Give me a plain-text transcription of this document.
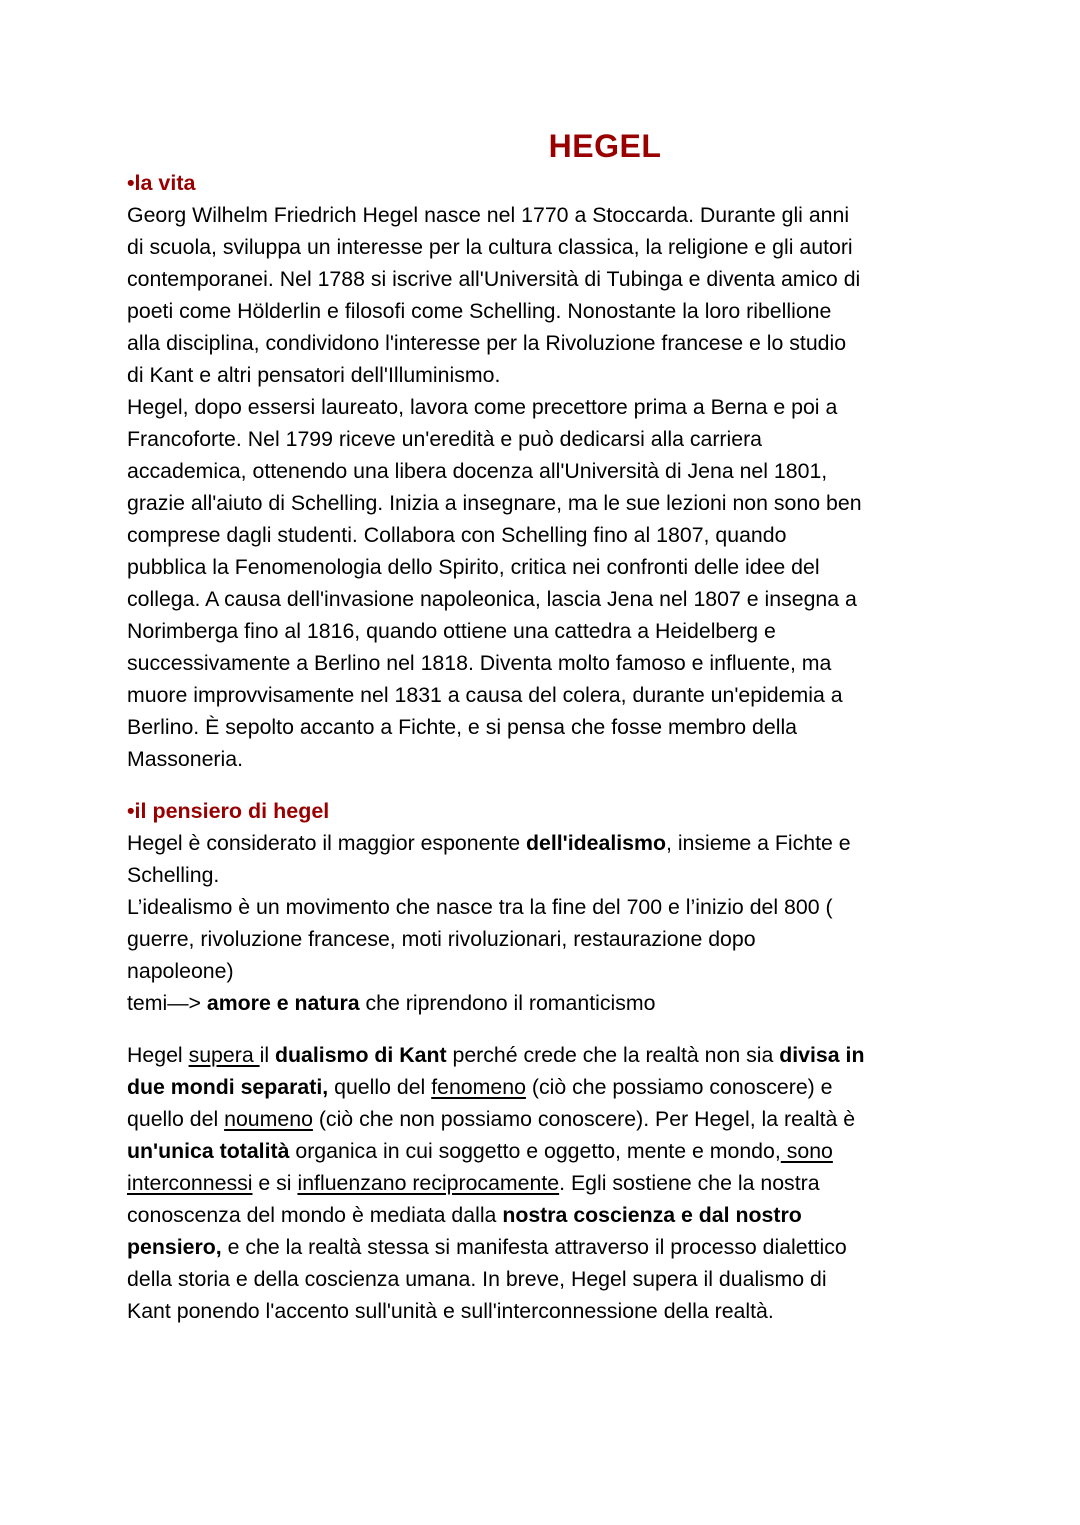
HEGEL
•la vita

Georg Wilhelm Friedrich Hegel nasce nel 1770 a Stoccarda. Durante gli anni

di scuola, sviluppa un interesse per la cultura classica, la religione e gli autori

contemporanei. Nel 1788 si iscrive all'Università di Tubinga e diventa amico di

poeti come Hölderlin e filosofi come Schelling. Nonostante la loro ribellione

alla disciplina, condividono l'interesse per la Rivoluzione francese e lo studio

di Kant e altri pensatori dell'Illuminismo.

Hegel, dopo essersi laureato, lavora come precettore prima a Berna e poi a

Francoforte. Nel 1799 riceve un'eredità e può dedicarsi alla carriera

accademica, ottenendo una libera docenza all'Università di Jena nel 1801,

grazie all'aiuto di Schelling. Inizia a insegnare, ma le sue lezioni non sono ben

comprese dagli studenti. Collabora con Schelling fino al 1807, quando

pubblica la Fenomenologia dello Spirito, critica nei confronti delle idee del

collega. A causa dell'invasione napoleonica, lascia Jena nel 1807 e insegna a

Norimberga fino al 1816, quando ottiene una cattedra a Heidelberg e

successivamente a Berlino nel 1818. Diventa molto famoso e influente, ma

muore improvvisamente nel 1831 a causa del colera, durante un'epidemia a

Berlino. È sepolto accanto a Fichte, e si pensa che fosse membro della

Massoneria.

•il pensiero di hegel

Hegel è considerato il maggior esponente dell'idealismo, insieme a Fichte e

Schelling.

L’idealismo è un movimento che nasce tra la fine del 700 e l’inizio del 800 (

guerre, rivoluzione francese, moti rivoluzionari, restaurazione dopo

napoleone)

temi—> amore e natura che riprendono il romanticismo

Hegel supera il dualismo di Kant perché crede che la realtà non sia divisa in

due mondi separati, quello del fenomeno (ciò che possiamo conoscere) e

quello del noumeno (ciò che non possiamo conoscere). Per Hegel, la realtà è

un'unica totalità organica in cui soggetto e oggetto, mente e mondo, sono

interconnessi e si influenzano reciprocamente. Egli sostiene che la nostra

conoscenza del mondo è mediata dalla nostra coscienza e dal nostro

pensiero, e che la realtà stessa si manifesta attraverso il processo dialettico

della storia e della coscienza umana. In breve, Hegel supera il dualismo di

Kant ponendo l'accento sull'unità e sull'interconnessione della realtà.
